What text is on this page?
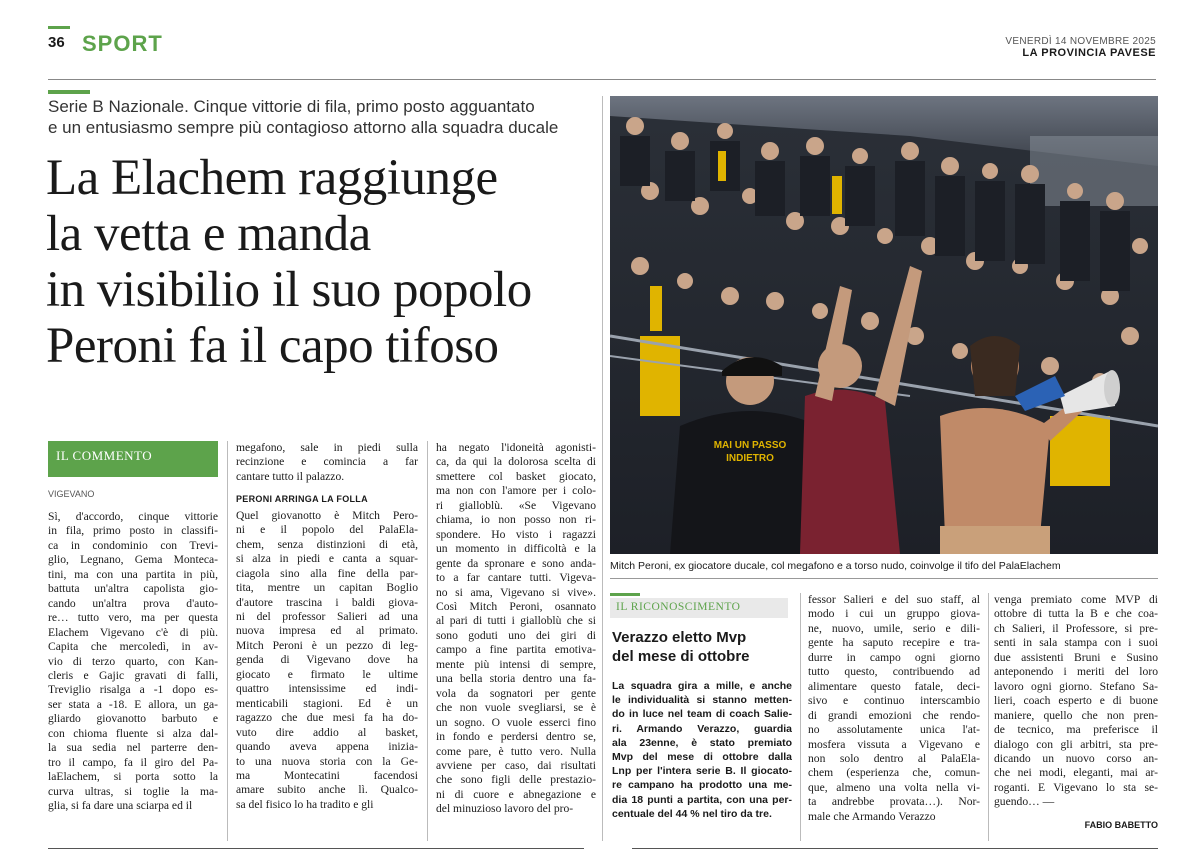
36 SPORT	VENERDÌ 14 NOVEMBRE 2025
LA PROVINCIA PAVESE
Serie B Nazionale. Cinque vittorie di fila, primo posto agguantato
e un entusiasmo sempre più contagioso attorno alla squadra ducale
La Elachem raggiunge
la vetta e manda
in visibilio il suo popolo
Peroni fa il capo tifoso
MAI UN PASSO
INDIETRO
Mitch Peroni, ex giocatore ducale, col megafono e a torso nudo, coinvolge il tifo del PalaElachem
IL COMMENTO
VIGEVANO
Sì, d'accordo, cinque vittorie
in fila, primo posto in classifi-
ca in condominio con Trevi-
glio, Legnano, Gema Monteca-
tini, ma con una partita in più,
battuta un'altra capolista gio-
cando un'altra prova d'auto-
re… tutto vero, ma per questa
Elachem Vigevano c'è di più.
Capita che mercoledì, in av-
vio di terzo quarto, con Kan-
cleris e Gajic gravati di falli,
Treviglio risalga a -1 dopo es-
ser stata a -18. E allora, un ga-
gliardo giovanotto barbuto e
con chioma fluente si alza dal-
la sua sedia nel parterre den-
tro il campo, fa il giro del Pa-
laElachem, si porta sotto la
curva ultras, si toglie la ma-
glia, si fa dare una sciarpa ed il
megafono, sale in piedi sulla
recinzione e comincia a far
cantare tutto il palazzo.
PERONI ARRINGA LA FOLLA
Quel giovanotto è Mitch Pero-
ni e il popolo del PalaEla-
chem, senza distinzioni di età,
si alza in piedi e canta a squar-
ciagola sino alla fine della par-
tita, mentre un capitan Boglio
d'autore trascina i baldi giova-
ni del professor Salieri ad una
nuova impresa ed al primato.
Mitch Peroni è un pezzo di leg-
genda di Vigevano dove ha
giocato e firmato le ultime
quattro intensissime ed indi-
menticabili stagioni. Ed è un
ragazzo che due mesi fa ha do-
vuto dire addio al basket,
quando aveva appena inizia-
to una nuova storia con la Ge-
ma Montecatini facendosi
amare subito anche lì. Qualco-
sa del fisico lo ha tradito e gli
ha negato l'idoneità agonisti-
ca, da qui la dolorosa scelta di
smettere col basket giocato,
ma non con l'amore per i colo-
ri gialloblù. «Se Vigevano
chiama, io non posso non ri-
spondere. Ho visto i ragazzi
un momento in difficoltà e la
gente da spronare e sono anda-
to a far cantare tutti. Vigeva-
no si ama, Vigevano si vive».
Così Mitch Peroni, osannato
al pari di tutti i gialloblù che si
sono goduti uno dei giri di
campo a fine partita emotiva-
mente più intensi di sempre,
una bella storia dentro una fa-
vola da sognatori per gente
che non vuole svegliarsi, se è
un sogno. O vuole esserci fino
in fondo e perdersi dentro se,
come pare, è tutto vero. Nulla
avviene per caso, dai risultati
che sono figli delle prestazio-
ni di cuore e abnegazione e
del minuzioso lavoro del pro-
IL RICONOSCIMENTO
Verazzo eletto Mvp
del mese di ottobre
La squadra gira a mille, e anche
le individualità si stanno metten-
do in luce nel team di coach Salie-
ri. Armando Verazzo, guardia
ala 23enne, è stato premiato
Mvp del mese di ottobre dalla
Lnp per l'intera serie B. Il giocato-
re campano ha prodotto una me-
dia 18 punti a partita, con una per-
centuale del 44 % nel tiro da tre.
fessor Salieri e del suo staff, al
modo i cui un gruppo giova-
ne, nuovo, umile, serio e dili-
gente ha saputo recepire e tra-
durre in campo ogni giorno
tutto questo, contribuendo ad
alimentare questo fatale, deci-
sivo e continuo interscambio
di grandi emozioni che rendo-
no assolutamente unica l'at-
mosfera vissuta a Vigevano e
non solo dentro al PalaEla-
chem (esperienza che, comun-
que, almeno una volta nella vi-
ta andrebbe provata…). Nor-
male che Armando Verazzo
venga premiato come MVP di
ottobre di tutta la B e che coa-
ch Salieri, il Professore, si pre-
senti in sala stampa con i suoi
due assistenti Bruni e Susino
anteponendo i meriti del loro
lavoro ogni giorno. Stefano Sa-
lieri, coach esperto e di buone
maniere, quello che non pren-
de tecnico, ma preferisce il
dialogo con gli arbitri, sta pre-
dicando un nuovo corso an-
che nei modi, eleganti, mai ar-
roganti. E Vigevano lo sta se-
guendo… —
FABIO BABETTO
